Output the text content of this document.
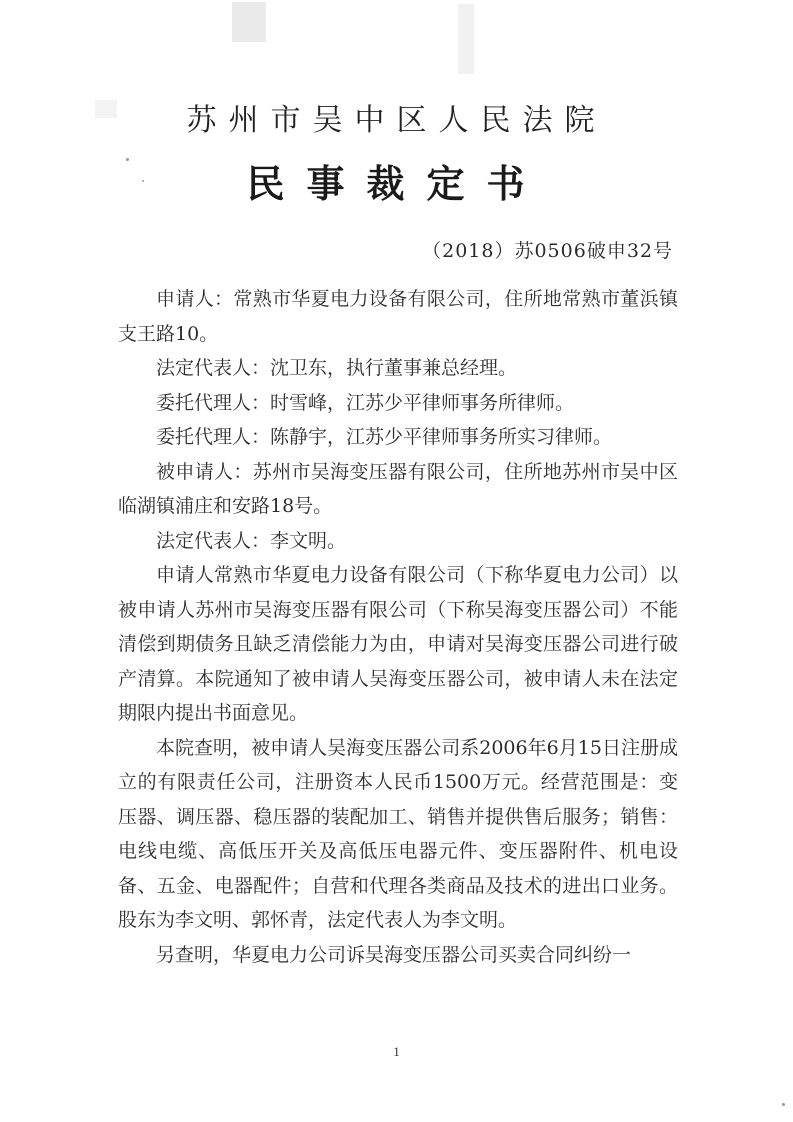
苏州市吴中区人民法院
民事裁定书
（2018）苏0506破申32号

申请人：常熟市华夏电力设备有限公司，住所地常熟市董浜镇支王路10。

法定代表人：沈卫东，执行董事兼总经理。

委托代理人：时雪峰，江苏少平律师事务所律师。

委托代理人：陈静宇，江苏少平律师事务所实习律师。

被申请人：苏州市吴海变压器有限公司，住所地苏州市吴中区临湖镇浦庄和安路18号。

法定代表人：李文明。

申请人常熟市华夏电力设备有限公司（下称华夏电力公司）以被申请人苏州市吴海变压器有限公司（下称吴海变压器公司）不能清偿到期债务且缺乏清偿能力为由，申请对吴海变压器公司进行破产清算。本院通知了被申请人吴海变压器公司，被申请人未在法定期限内提出书面意见。

本院查明，被申请人吴海变压器公司系2006年6月15日注册成立的有限责任公司，注册资本人民币1500万元。经营范围是：变压器、调压器、稳压器的装配加工、销售并提供售后服务；销售：电线电缆、高低压开关及高低压电器元件、变压器附件、机电设备、五金、电器配件；自营和代理各类商品及技术的进出口业务。股东为李文明、郭怀青，法定代表人为李文明。

另查明，华夏电力公司诉吴海变压器公司买卖合同纠纷一

1
